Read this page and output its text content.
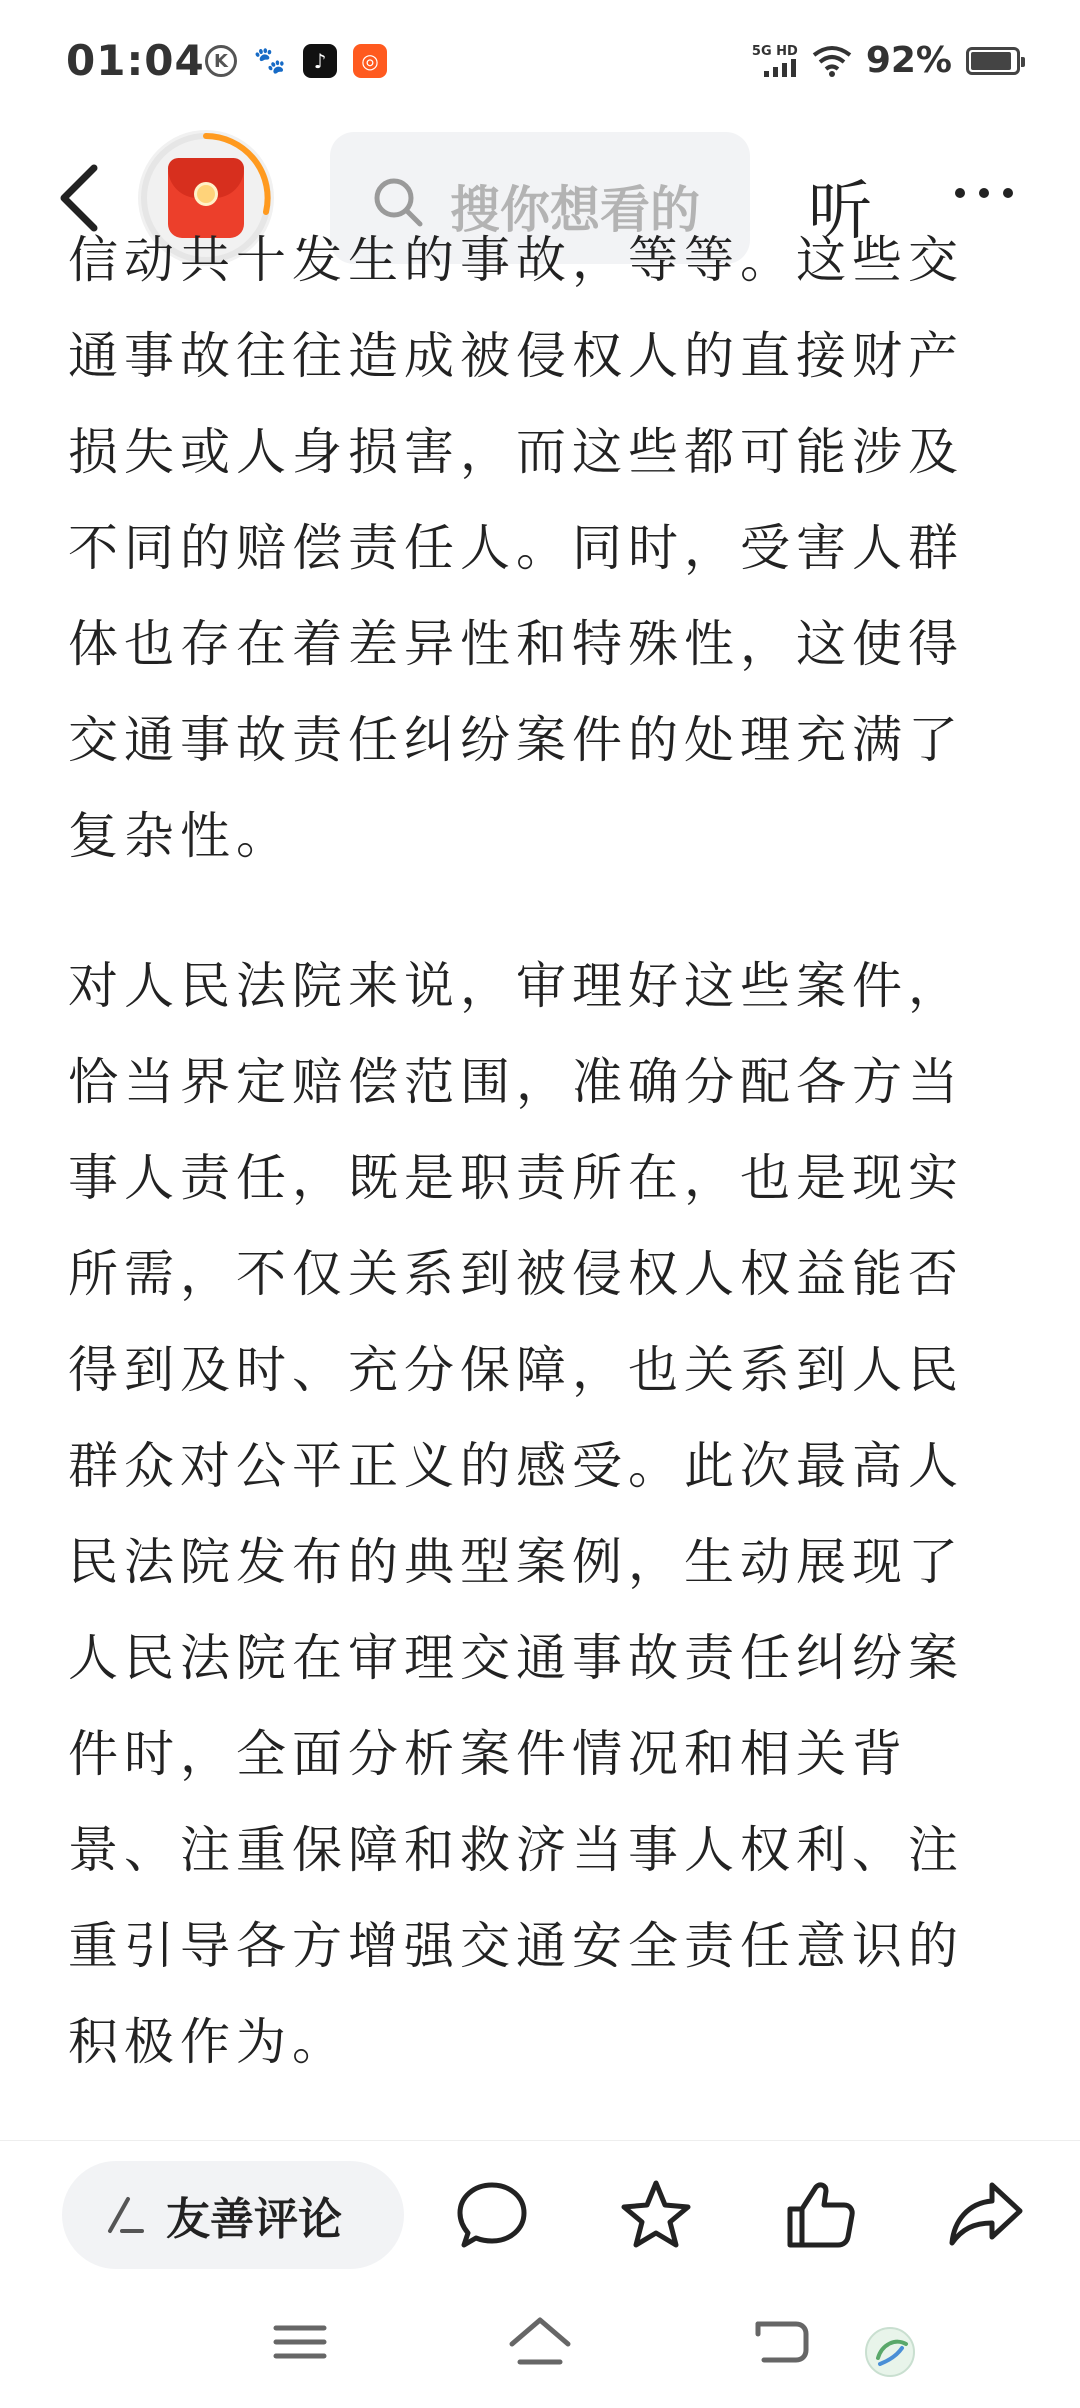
01:04 K 🐾	♪	◎	5G HD 92%
搜你想看的 听
信动共十发生的事故，等等。这些交
通事故往往造成被侵权人的直接财产
损失或人身损害，而这些都可能涉及
不同的赔偿责任人。同时，受害人群
体也存在着差异性和特殊性，这使得
交通事故责任纠纷案件的处理充满了
复杂性。
对人民法院来说，审理好这些案件，
恰当界定赔偿范围，准确分配各方当
事人责任，既是职责所在，也是现实
所需，不仅关系到被侵权人权益能否
得到及时、充分保障，也关系到人民
群众对公平正义的感受。此次最高人
民法院发布的典型案例，生动展现了
人民法院在审理交通事故责任纠纷案
件时，全面分析案件情况和相关背
景、注重保障和救济当事人权利、注
重引导各方增强交通安全责任意识的
积极作为。
友善评论
